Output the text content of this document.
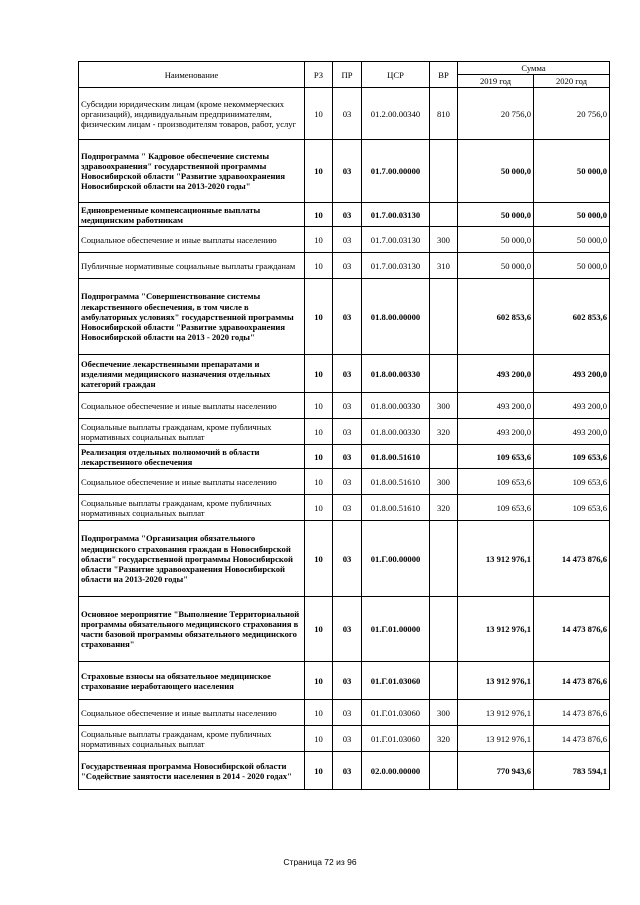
Наименование	РЗ	ПР	ЦСР	ВР	Сумма	
					2019 год	2020 год
Субсидии юридическим лицам (кроме некоммерческих организаций), индивидуальным предпринимателям, физическим лицам - производителям товаров, работ, услуг	10	03	01.2.00.00340	810	20 756,0	20 756,0
Подпрограмма " Кадровое обеспечение системы здравоохранения" государственной программы Новосибирской области "Развитие здравоохранения Новосибирской области на 2013-2020 годы"	10	03	01.7.00.00000		50 000,0	50 000,0
Единовременные компенсационные выплаты медицинским работникам	10	03	01.7.00.03130		50 000,0	50 000,0
Социальное обеспечение и иные выплаты населению	10	03	01.7.00.03130	300	50 000,0	50 000,0
Публичные нормативные социальные выплаты гражданам	10	03	01.7.00.03130	310	50 000,0	50 000,0
Подпрограмма "Совершенствование системы лекарственного обеспечения, в том числе в амбулаторных условиях" государственной программы Новосибирской области "Развитие здравоохранения Новосибирской области на 2013 - 2020 годы"	10	03	01.8.00.00000		602 853,6	602 853,6
Обеспечение лекарственными препаратами и изделиями медицинского назначения отдельных категорий граждан	10	03	01.8.00.00330		493 200,0	493 200,0
Социальное обеспечение и иные выплаты населению	10	03	01.8.00.00330	300	493 200,0	493 200,0
Социальные выплаты гражданам, кроме публичных нормативных социальных выплат	10	03	01.8.00.00330	320	493 200,0	493 200,0
Реализация отдельных полномочий в области лекарственного обеспечения	10	03	01.8.00.51610		109 653,6	109 653,6
Социальное обеспечение и иные выплаты населению	10	03	01.8.00.51610	300	109 653,6	109 653,6
Социальные выплаты гражданам, кроме публичных нормативных социальных выплат	10	03	01.8.00.51610	320	109 653,6	109 653,6
Подпрограмма "Организация обязательного медицинского страхования граждан в Новосибирской области" государственной программы Новосибирской области "Развитие здравоохранения Новосибирской области на 2013-2020 годы"	10	03	01.Г.00.00000		13 912 976,1	14 473 876,6
Основное мероприятие "Выполнение Территориальной программы обязательного медицинского страхования в части базовой программы обязательного медицинского страхования"	10	03	01.Г.01.00000		13 912 976,1	14 473 876,6
Страховые взносы на обязательное медицинское страхование неработающего населения	10	03	01.Г.01.03060		13 912 976,1	14 473 876,6
Социальное обеспечение и иные выплаты населению	10	03	01.Г.01.03060	300	13 912 976,1	14 473 876,6
Социальные выплаты гражданам, кроме публичных нормативных социальных выплат	10	03	01.Г.01.03060	320	13 912 976,1	14 473 876,6
Государственная программа Новосибирской области "Содействие занятости населения в 2014 - 2020 годах"	10	03	02.0.00.00000		770 943,6	783 594,1
Страница 72 из 96
